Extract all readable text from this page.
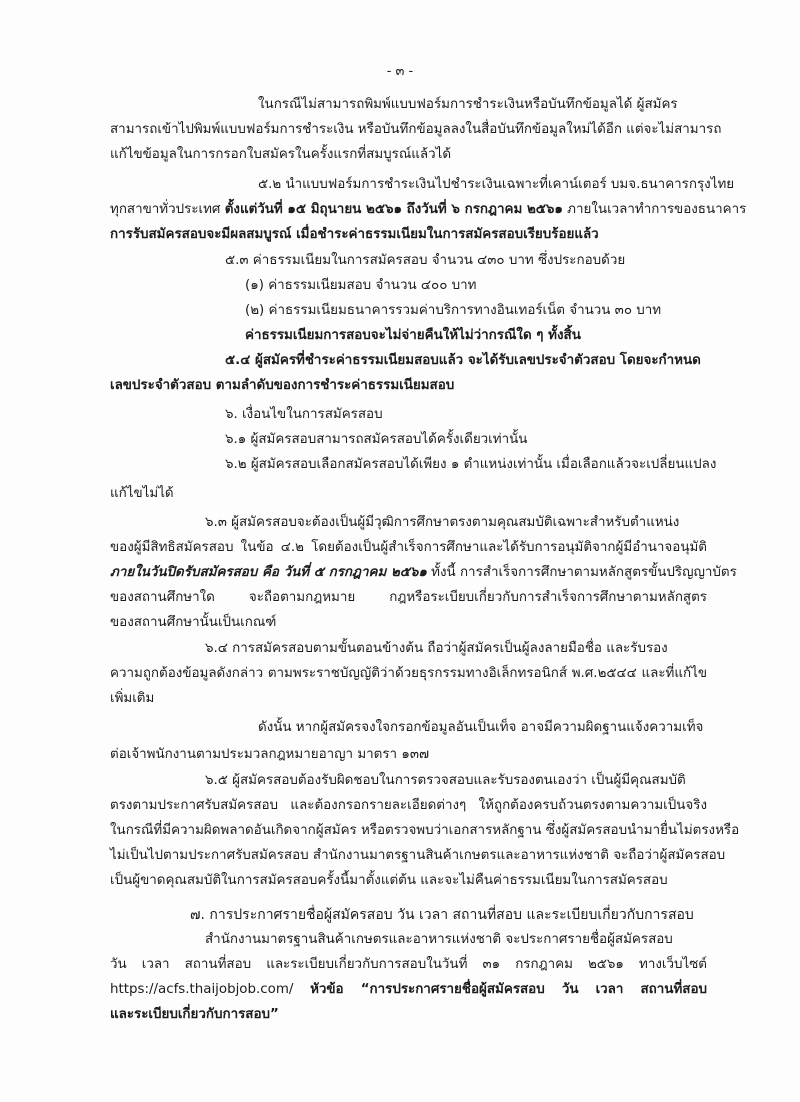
- ๓ -
ในกรณีไม่สามารถพิมพ์แบบฟอร์มการชำระเงินหรือบันทึกข้อมูลได้ ผู้สมัคร
สามารถเข้าไปพิมพ์แบบฟอร์มการชำระเงิน หรือบันทึกข้อมูลลงในสื่อบันทึกข้อมูลใหม่ได้อีก แต่จะไม่สามารถ
แก้ไขข้อมูลในการกรอกใบสมัครในครั้งแรกที่สมบูรณ์แล้วได้
๕.๒ นำแบบฟอร์มการชำระเงินไปชำระเงินเฉพาะที่เคาน์เตอร์ บมจ.ธนาคารกรุงไทย
ทุกสาขาทั่วประเทศ ตั้งแต่วันที่ ๑๕ มิถุนายน ๒๕๖๑ ถึงวันที่ ๖ กรกฎาคม ๒๕๖๑ ภายในเวลาทำการของธนาคาร
การรับสมัครสอบจะมีผลสมบูรณ์ เมื่อชำระค่าธรรมเนียมในการสมัครสอบเรียบร้อยแล้ว
๕.๓ ค่าธรรมเนียมในการสมัครสอบ จำนวน ๔๓๐ บาท ซึ่งประกอบด้วย
(๑) ค่าธรรมเนียมสอบ จำนวน ๔๐๐ บาท
(๒) ค่าธรรมเนียมธนาคารรวมค่าบริการทางอินเทอร์เน็ต จำนวน ๓๐ บาท
ค่าธรรมเนียมการสอบจะไม่จ่ายคืนให้ไม่ว่ากรณีใด ๆ ทั้งสิ้น
๕.๔ ผู้สมัครที่ชำระค่าธรรมเนียมสอบแล้ว จะได้รับเลขประจำตัวสอบ โดยจะกำหนด
เลขประจำตัวสอบ ตามลำดับของการชำระค่าธรรมเนียมสอบ
๖. เงื่อนไขในการสมัครสอบ
๖.๑ ผู้สมัครสอบสามารถสมัครสอบได้ครั้งเดียวเท่านั้น
๖.๒ ผู้สมัครสอบเลือกสมัครสอบได้เพียง ๑ ตำแหน่งเท่านั้น เมื่อเลือกแล้วจะเปลี่ยนแปลง
แก้ไขไม่ได้
๖.๓ ผู้สมัครสอบจะต้องเป็นผู้มีวุฒิการศึกษาตรงตามคุณสมบัติเฉพาะสำหรับตำแหน่ง
ของผู้มีสิทธิสมัครสอบ ในข้อ ๔.๒ โดยต้องเป็นผู้สำเร็จการศึกษาและได้รับการอนุมัติจากผู้มีอำนาจอนุมัติ
ภายในวันปิดรับสมัครสอบ คือ วันที่ ๕ กรกฎาคม ๒๕๖๑ ทั้งนี้ การสำเร็จการศึกษาตามหลักสูตรขั้นปริญญาบัตร
ของสถานศึกษาใด จะถือตามกฎหมาย กฎหรือระเบียบเกี่ยวกับการสำเร็จการศึกษาตามหลักสูตร
ของสถานศึกษานั้นเป็นเกณฑ์
๖.๔ การสมัครสอบตามขั้นตอนข้างต้น ถือว่าผู้สมัครเป็นผู้ลงลายมือชื่อ และรับรอง
ความถูกต้องข้อมูลดังกล่าว ตามพระราชบัญญัติว่าด้วยธุรกรรมทางอิเล็กทรอนิกส์ พ.ศ.๒๕๔๔ และที่แก้ไข
เพิ่มเติม
ดังนั้น หากผู้สมัครจงใจกรอกข้อมูลอันเป็นเท็จ อาจมีความผิดฐานแจ้งความเท็จ
ต่อเจ้าพนักงานตามประมวลกฎหมายอาญา มาตรา ๑๓๗
๖.๕ ผู้สมัครสอบต้องรับผิดชอบในการตรวจสอบและรับรองตนเองว่า เป็นผู้มีคุณสมบัติ
ตรงตามประกาศรับสมัครสอบ และต้องกรอกรายละเอียดต่างๆ ให้ถูกต้องครบถ้วนตรงตามความเป็นจริง
ในกรณีที่มีความผิดพลาดอันเกิดจากผู้สมัคร หรือตรวจพบว่าเอกสารหลักฐาน ซึ่งผู้สมัครสอบนำมายื่นไม่ตรงหรือ
ไม่เป็นไปตามประกาศรับสมัครสอบ สำนักงานมาตรฐานสินค้าเกษตรและอาหารแห่งชาติ จะถือว่าผู้สมัครสอบ
เป็นผู้ขาดคุณสมบัติในการสมัครสอบครั้งนี้มาตั้งแต่ต้น และจะไม่คืนค่าธรรมเนียมในการสมัครสอบ
๗. การประกาศรายชื่อผู้สมัครสอบ วัน เวลา สถานที่สอบ และระเบียบเกี่ยวกับการสอบ
สำนักงานมาตรฐานสินค้าเกษตรและอาหารแห่งชาติ จะประกาศรายชื่อผู้สมัครสอบ
วัน เวลา สถานที่สอบ และระเบียบเกี่ยวกับการสอบในวันที่ ๓๑ กรกฎาคม ๒๕๖๑ ทางเว็บไซต์
https://acfs.thaijobjob.com/ หัวข้อ “การประกาศรายชื่อผู้สมัครสอบ วัน เวลา สถานที่สอบ
และระเบียบเกี่ยวกับการสอบ”
